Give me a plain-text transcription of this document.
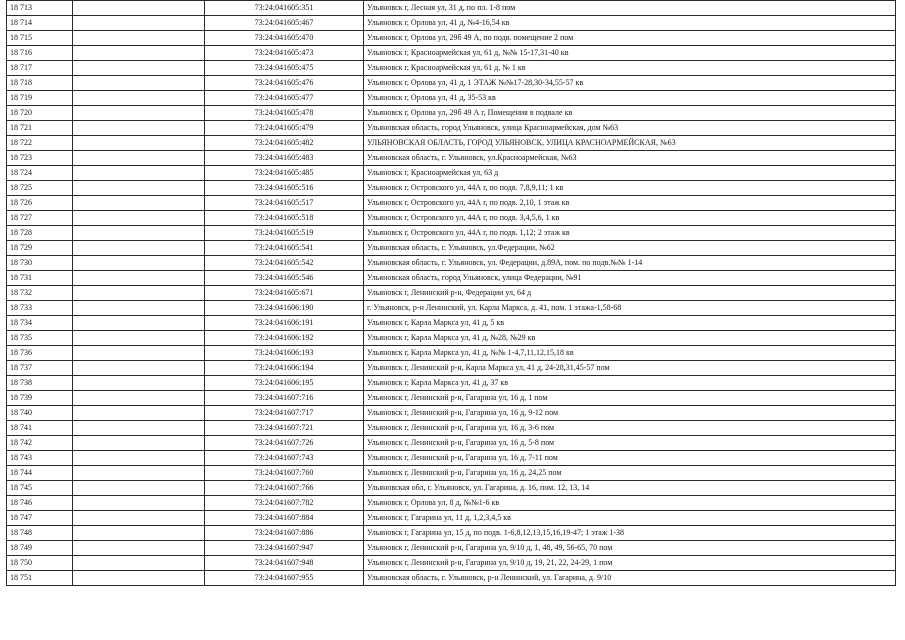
18 713		73:24:041605:351	Ульяновск г, Лесная ул, 31 д, по пл. 1-8 пом
18 714		73:24:041605:467	Ульяновск г, Орлова ул, 41 д, №4-16,54 кв
18 715		73:24:041605:470	Ульяновск г, Орлова ул, 29б 49 А, по подв. помещение 2 пом
18 716		73:24:041605:473	Ульяновск г, Красноармейская ул, 61 д, №№ 15-17,31-40 кв
18 717		73:24:041605:475	Ульяновск г, Красноармейская ул, 61 д, № 1 кв
18 718		73:24:041605:476	Ульяновск г, Орлова ул, 41 д, 1 ЭТАЖ №№17-28,30-34,55-57 кв
18 719		73:24:041605:477	Ульяновск г, Орлова ул, 41 д, 35-53 кв
18 720		73:24:041605:478	Ульяновск г, Орлова ул, 29б 49 А г, Помещения в подвале кв
18 721		73:24:041605:479	Ульяновская область, город Ульяновск, улица Красноармейская, дом №63
18 722		73:24:041605:482	УЛЬЯНОВСКАЯ ОБЛАСТЬ, ГОРОД УЛЬЯНОВСК, УЛИЦА КРАСНОАРМЕЙСКАЯ, №63
18 723		73:24:041605:483	Ульяновская область, г. Ульяновск, ул.Красноармейская, №63
18 724		73:24:041605:485	Ульяновск г, Красноармейская ул, 63 д
18 725		73:24:041605:516	Ульяновск г, Островского ул, 44А г, по подв. 7,8,9,11; 1 кв
18 726		73:24:041605:517	Ульяновск г, Островского ул, 44А г, по подв. 2,10, 1 этаж кв
18 727		73:24:041605:518	Ульяновск г, Островского ул, 44А г, по подв. 3,4,5,6, 1 кв
18 728		73:24:041605:519	Ульяновск г, Островского ул, 44А г, по подв. 1,12; 2 этаж кв
18 729		73:24:041605:541	Ульяновская область, г. Ульяновск, ул.Федерации, №62
18 730		73:24:041605:542	Ульяновская область, г. Ульяновск, ул. Федерации, д.89А, пом. по подв.№№ 1-14
18 731		73:24:041605:546	Ульяновская область, город Ульяновск, улица Федерации, №91
18 732		73:24:041605:671	Ульяновск г, Ленинский р-н, Федерации ул, 64 д
18 733		73:24:041606:190	г. Ульяновск, р-н Ленинский, ул. Карла Маркса, д. 41, пом. 1 этажа-1,58-68
18 734		73:24:041606:191	Ульяновск г, Карла Маркса ул, 41 д, 5 кв
18 735		73:24:041606:192	Ульяновск г, Карла Маркса ул, 41 д, №28, №29 кв
18 736		73:24:041606:193	Ульяновск г, Карла Маркса ул, 41 д, №№ 1-4,7,11,12,15,18 кв
18 737		73:24:041606:194	Ульяновск г, Ленинский р-н, Карла Маркса ул, 41 д, 24-28,31,45-57 пом
18 738		73:24:041606:195	Ульяновск г, Карла Маркса ул, 41 д, 37 кв
18 739		73:24:041607:716	Ульяновск г, Ленинский р-н, Гагарина ул, 16 д, 1 пом
18 740		73:24:041607:717	Ульяновск г, Ленинский р-н, Гагарина ул, 16 д, 9-12 пом
18 741		73:24:041607:721	Ульяновск г, Ленинский р-н, Гагарина ул, 16 д, 3-6 пом
18 742		73:24:041607:726	Ульяновск г, Ленинский р-н, Гагарина ул, 16 д, 5-8 пом
18 743		73:24:041607:743	Ульяновск г, Ленинский р-н, Гагарина ул, 16 д, 7-11 пом
18 744		73:24:041607:760	Ульяновск г, Ленинский р-н, Гагарина ул, 16 д, 24,25 пом
18 745		73:24:041607:766	Ульяновская обл, г. Ульяновск, ул. Гагарина, д. 16, пом. 12, 13, 14
18 746		73:24:041607:782	Ульяновск г, Орлова ул, 8 д, №№1-6 кв
18 747		73:24:041607:884	Ульяновск г, Гагарина ул, 11 д, 1,2,3,4,5 кв
18 748		73:24:041607:886	Ульяновск г, Гагарина ул, 15 д, по подв. 1-6,8,12,13,15,16,19-47; 1 этаж 1-38
18 749		73:24:041607:947	Ульяновск г, Ленинский р-н, Гагарина ул, 9/10 д, 1, 48, 49, 56-65, 70 пом
18 750		73:24:041607:948	Ульяновск г, Ленинский р-н, Гагарина ул, 9/10 д, 19, 21, 22, 24-29, 1 пом
18 751		73:24:041607:955	Ульяновская область, г. Ульяновск, р-н Ленинский, ул. Гагарина, д. 9/10
